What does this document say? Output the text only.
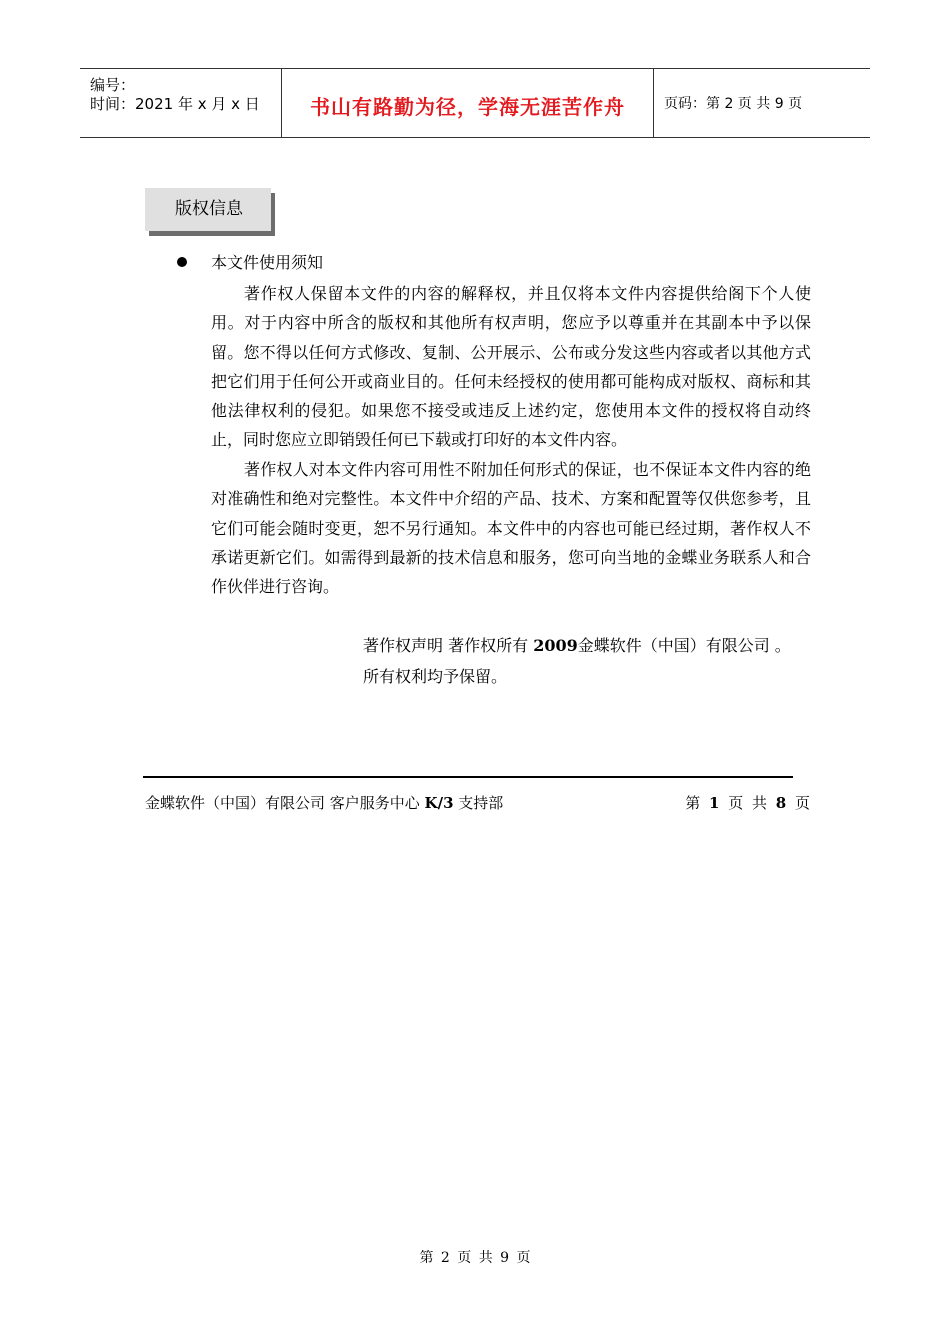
编号：
时间：2021 年 x 月 x 日	书山有路勤为径，学海无涯苦作舟	页码：第 2 页 共 9 页
版权信息
本文件使用须知

著作权人保留本文件的内容的解释权，并且仅将本文件内容提供给阁下个人使用。对于内容中所含的版权和其他所有权声明，您应予以尊重并在其副本中予以保留。您不得以任何方式修改、复制、公开展示、公布或分发这些内容或者以其他方式把它们用于任何公开或商业目的。任何未经授权的使用都可能构成对版权、商标和其他法律权利的侵犯。如果您不接受或违反上述约定，您使用本文件的授权将自动终止，同时您应立即销毁任何已下载或打印好的本文件内容。

著作权人对本文件内容可用性不附加任何形式的保证，也不保证本文件内容的绝对准确性和绝对完整性。本文件中介绍的产品、技术、方案和配置等仅供您参考，且它们可能会随时变更，恕不另行通知。本文件中的内容也可能已经过期，著作权人不承诺更新它们。如需得到最新的技术信息和服务，您可向当地的金蝶业务联系人和合作伙伴进行咨询。

著作权声明 著作权所有 2009金蝶软件（中国）有限公司 。
所有权利均予保留。
金蝶软件（中国）有限公司 客户服务中心 K/3 支持部	第 1 页 共 8 页
第 2 页 共 9 页
